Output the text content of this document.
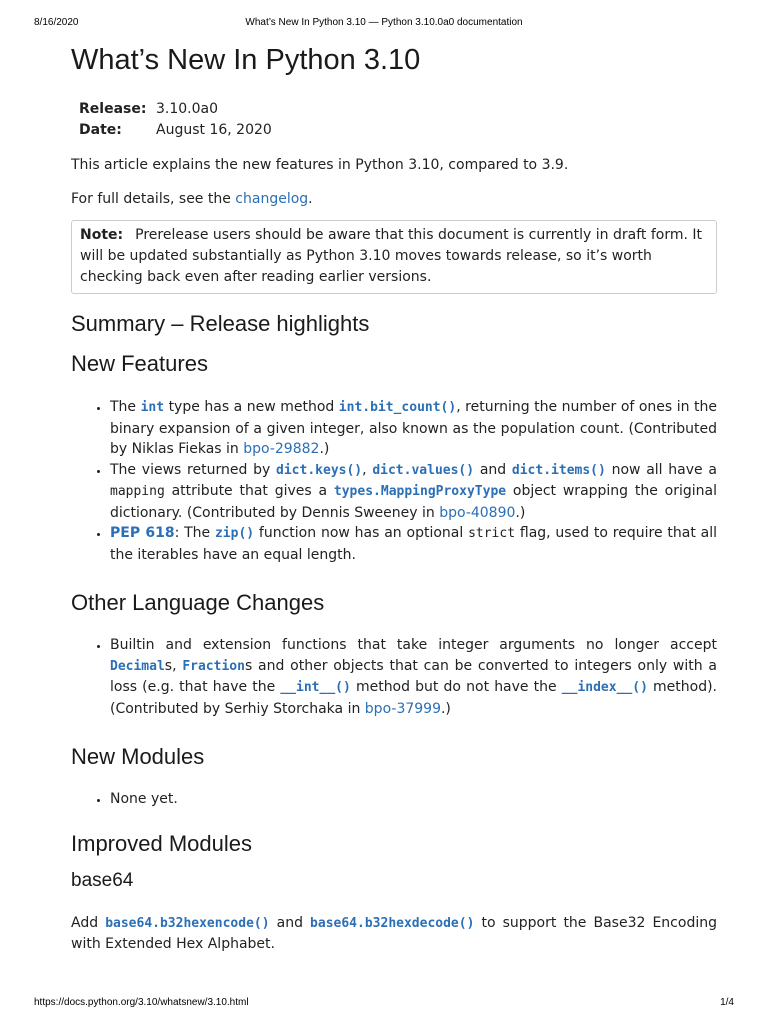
8/16/2020	What’s New In Python 3.10 — Python 3.10.0a0 documentation
What’s New In Python 3.10
Release: 3.10.0a0
Date:	August 16, 2020

This article explains the new features in Python 3.10, compared to 3.9.

For full details, see the changelog.

Note: Prerelease users should be aware that this document is currently in draft form. It will be updated substantially as Python 3.10 moves towards release, so it’s worth checking back even after reading earlier versions.
Summary – Release highlights
New Features
• The int type has a new method int.bit_count(), returning the number of ones in the binary expansion of a given integer, also known as the population count. (Contributed by Niklas Fiekas in bpo-29882.)
• The views returned by dict.keys(), dict.values() and dict.items() now all have a mapping attribute that gives a types.MappingProxyType object wrapping the original dictionary. (Contributed by Dennis Sweeney in bpo-40890.)
• PEP 618: The zip() function now has an optional strict flag, used to require that all the iterables have an equal length.
Other Language Changes
• Builtin and extension functions that take integer arguments no longer accept Decimals, Fractions and other objects that can be converted to integers only with a loss (e.g. that have the __int__() method but do not have the __index__() method). (Contributed by Serhiy Storchaka in bpo-37999.)
New Modules
• None yet.
Improved Modules
base64

Add base64.b32hexencode() and base64.b32hexdecode() to support the Base32 Encoding with Extended Hex Alphabet.

https://docs.python.org/3.10/whatsnew/3.10.html	1/4
